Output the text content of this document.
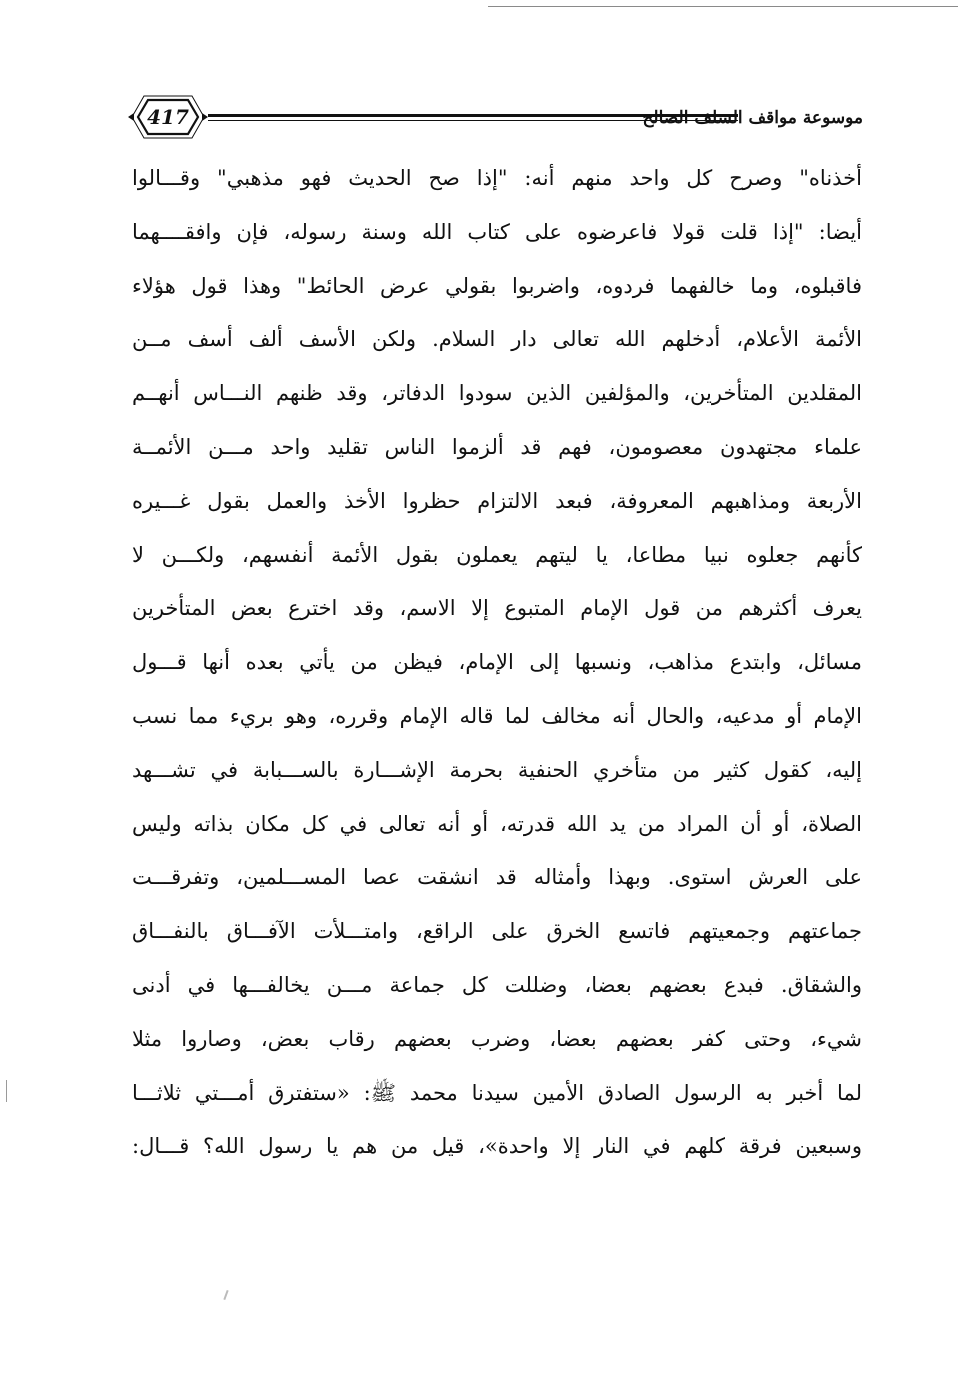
417	موسوعة مواقف السلف الصالح
أخذناه" وصرح كل واحد منهم أنه: "إذا صح الحديث فهو مذهبي" وقـــالوا
أيضا: "إذا قلت قولا فاعرضوه على كتاب الله وسنة رسوله، فإن وافقــــهما
فاقبلوه، وما خالفهما فردوه، واضربوا بقولي عرض الحائط" وهذا قول هؤلاء
الأئمة الأعلام، أدخلهم الله تعالى دار السلام. ولكن الأسف ألف أسف مــن
المقلدين المتأخرين، والمؤلفين الذين سودوا الدفاتر، وقد ظنهم النـــاس أنهــم
علماء مجتهدون معصومون، فهم قد ألزموا الناس تقليد واحد مـــن الأئمــة
الأربعة ومذاهبهم المعروفة، فبعد الالتزام حظروا الأخذ والعمل بقول غـــيره
كأنهم جعلوه نبيا مطاعا، يا ليتهم يعملون بقول الأئمة أنفسهم، ولكـــن لا
يعرف أكثرهم من قول الإمام المتبوع إلا الاسم، وقد اخترع بعض المتأخرين
مسائل، وابتدع مذاهب، ونسبها إلى الإمام، فيظن من يأتي بعده أنها قـــول
الإمام أو مدعيه، والحال أنه مخالف لما قاله الإمام وقرره، وهو بريء مما نسب
إليه، كقول كثير من متأخري الحنفية بحرمة الإشـــارة بالســـبابة في تشـــهد
الصلاة، أو أن المراد من يد الله قدرته، أو أنه تعالى في كل مكان بذاته وليس
على العرش استوى. وبهذا وأمثاله قد انشقت عصا المســـلمين، وتفرقـــت
جماعتهم وجمعيتهم فاتسع الخرق على الراقع، وامتـــلأت الآفـــاق بالنفـــاق
والشقاق. فبدع بعضهم بعضا، وضللت كل جماعة مـــن يخالفـــها في أدنى
شيء، وحتى كفر بعضهم بعضا، وضرب بعضهم رقاب بعض، وصاروا مثلا
لما أخبر به الرسول الصادق الأمين سيدنا محمد ﷺ: «ستفترق أمـــتي ثلاثـــا
وسبعين فرقة كلهم في النار إلا واحدة»، قيل من هم يا رسول الله؟ قـــال:
